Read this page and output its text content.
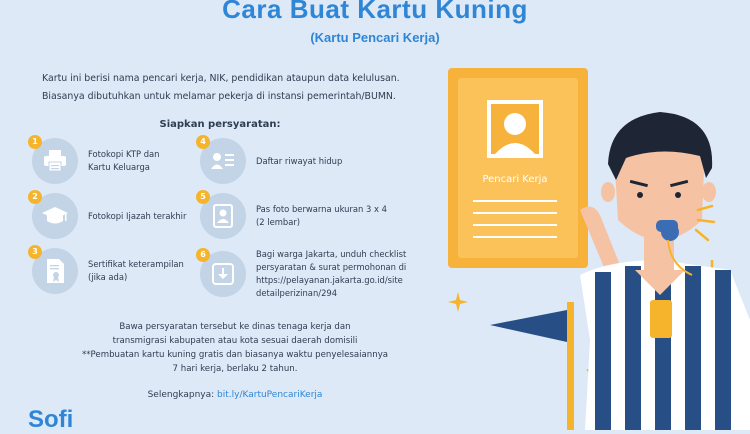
Cara Buat Kartu Kuning
(Kartu Pencari Kerja)
Kartu ini berisi nama pencari kerja, NIK, pendidikan ataupun data kelulusan.
Biasanya dibutuhkan untuk melamar pekerja di instansi pemerintah/BUMN.
Siapkan persyaratan:
1
Fotokopi KTP dan
Kartu Keluarga
2
Fotokopi Ijazah terakhir
3
Sertifikat keterampilan
(jika ada)
4
Daftar riwayat hidup
5
Pas foto berwarna ukuran 3 x 4
(2 lembar)
6	Bagi warga Jakarta, unduh checklist
persyaratan & surat permohonan di
https://pelayanan.jakarta.go.id/site
detailperizinan/294
Bawa persyaratan tersebut ke dinas tenaga kerja dan
transmigrasi kabupaten atau kota sesuai daerah domisili
**Pembuatan kartu kuning gratis dan biasanya waktu penyelesaiannya
7 hari kerja, berlaku 2 tahun.
Selengkapnya: bit.ly/KartuPencariKerja
Sofi
Pencari Kerja
